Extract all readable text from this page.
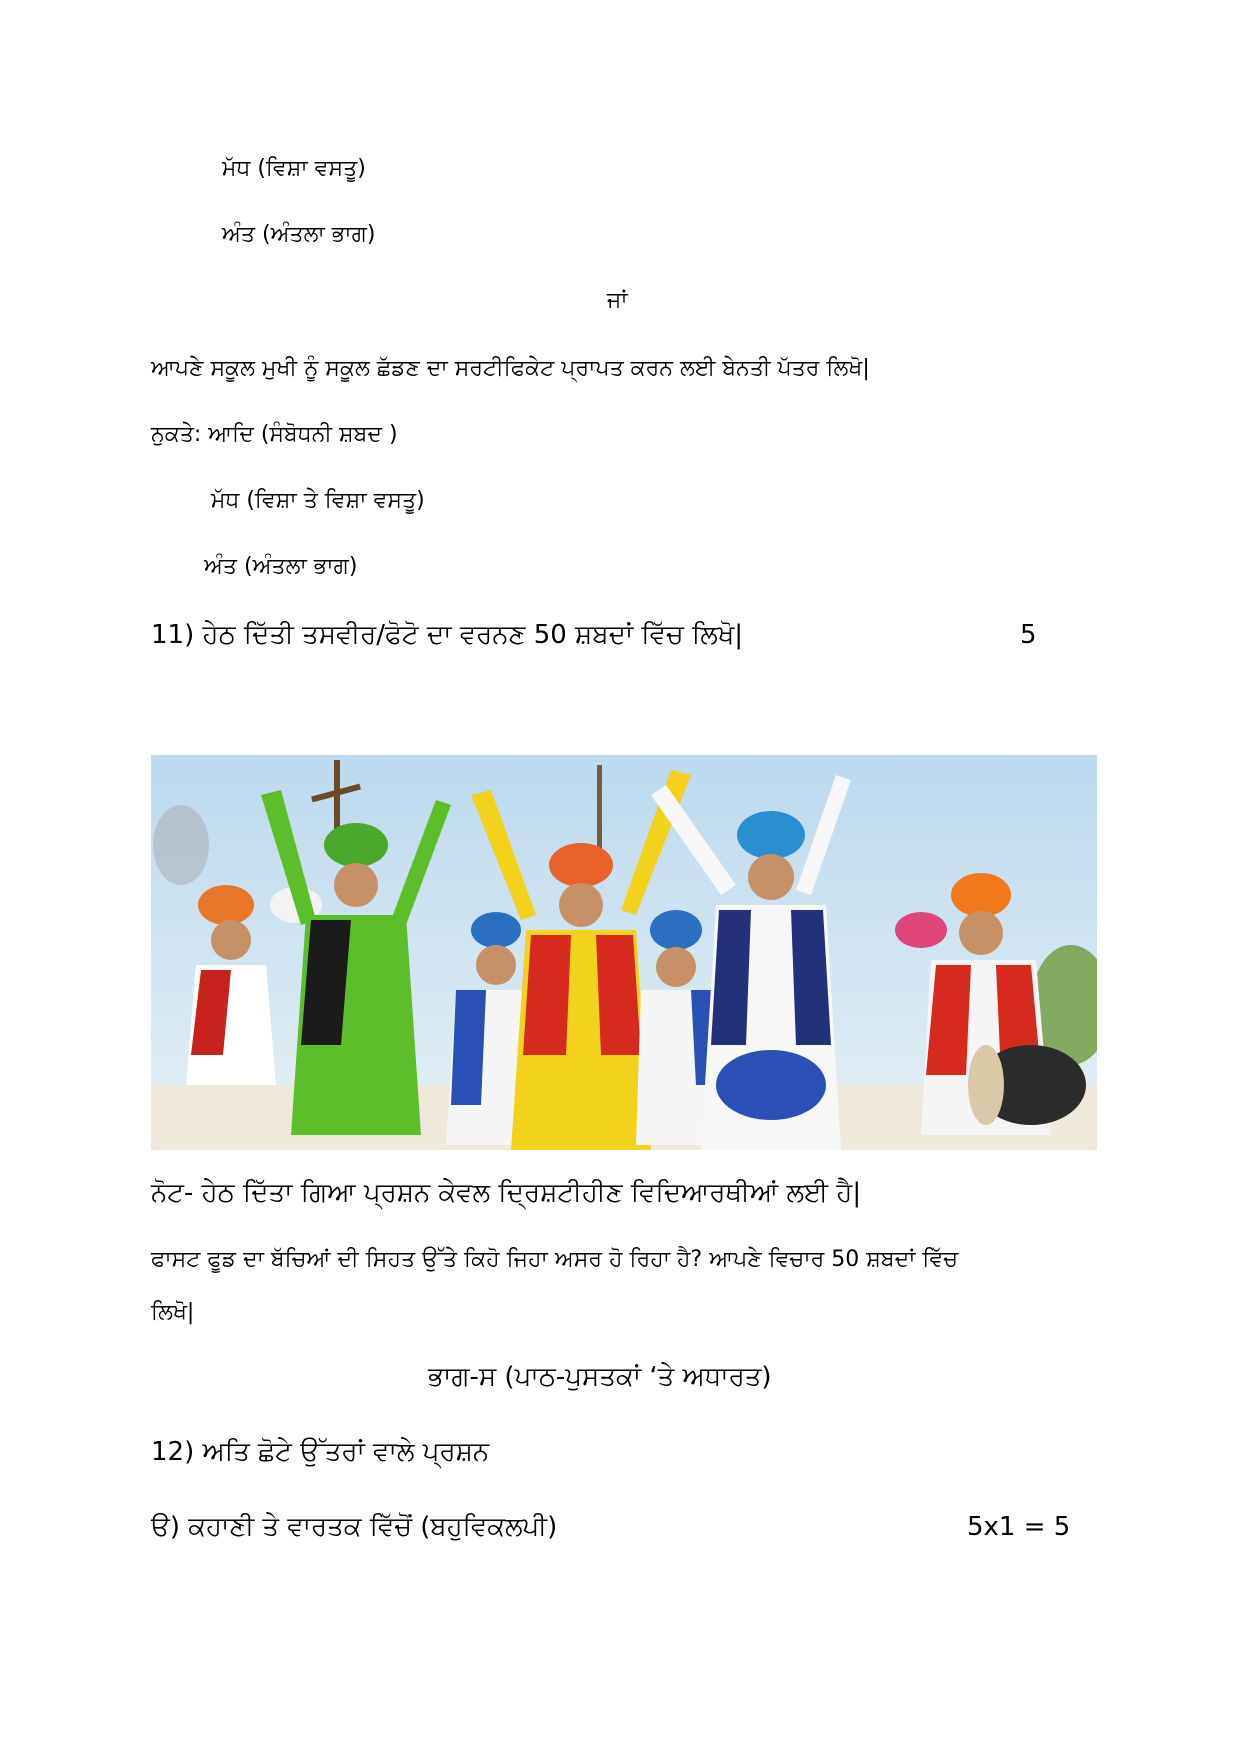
ਮੱਧ (ਵਿਸ਼ਾ ਵਸਤੂ)
ਅੰਤ (ਅੰਤਲਾ ਭਾਗ)
ਜਾਂ
ਆਪਣੇ ਸਕੂਲ ਮੁਖੀ ਨੂੰ ਸਕੂਲ ਛੱਡਣ ਦਾ ਸਰਟੀਫਿਕੇਟ ਪ੍ਰਾਪਤ ਕਰਨ ਲਈ ਬੇਨਤੀ ਪੱਤਰ ਲਿਖੋ|
ਨੁਕਤੇ: ਆਦਿ (ਸੰਬੋਧਨੀ ਸ਼ਬਦ )
ਮੱਧ (ਵਿਸ਼ਾ ਤੇ ਵਿਸ਼ਾ ਵਸਤੂ)
ਅੰਤ (ਅੰਤਲਾ ਭਾਗ)
11) ਹੇਠ ਦਿੱਤੀ ਤਸਵੀਰ/ਫੋਟੋ ਦਾ ਵਰਨਣ 50 ਸ਼ਬਦਾਂ ਵਿੱਚ ਲਿਖੋ|	5
ਨੋਟ- ਹੇਠ ਦਿੱਤਾ ਗਿਆ ਪ੍ਰਸ਼ਨ ਕੇਵਲ ਦ੍ਰਿਸ਼ਟੀਹੀਣ ਵਿਦਿਆਰਥੀਆਂ ਲਈ ਹੈ|
ਫਾਸਟ ਫੂਡ ਦਾ ਬੱਚਿਆਂ ਦੀ ਸਿਹਤ ਉੱਤੇ ਕਿਹੋ ਜਿਹਾ ਅਸਰ ਹੋ ਰਿਹਾ ਹੈ? ਆਪਣੇ ਵਿਚਾਰ 50 ਸ਼ਬਦਾਂ ਵਿੱਚ
ਲਿਖੋ|
ਭਾਗ-ਸ (ਪਾਠ-ਪੁਸਤਕਾਂ ‘ਤੇ ਅਧਾਰਤ)
12) ਅਤਿ ਛੋਟੇ ਉੱਤਰਾਂ ਵਾਲੇ ਪ੍ਰਸ਼ਨ
ੳ) ਕਹਾਣੀ ਤੇ ਵਾਰਤਕ ਵਿੱਚੋਂ (ਬਹੁਵਿਕਲਪੀ)	5x1 = 5
